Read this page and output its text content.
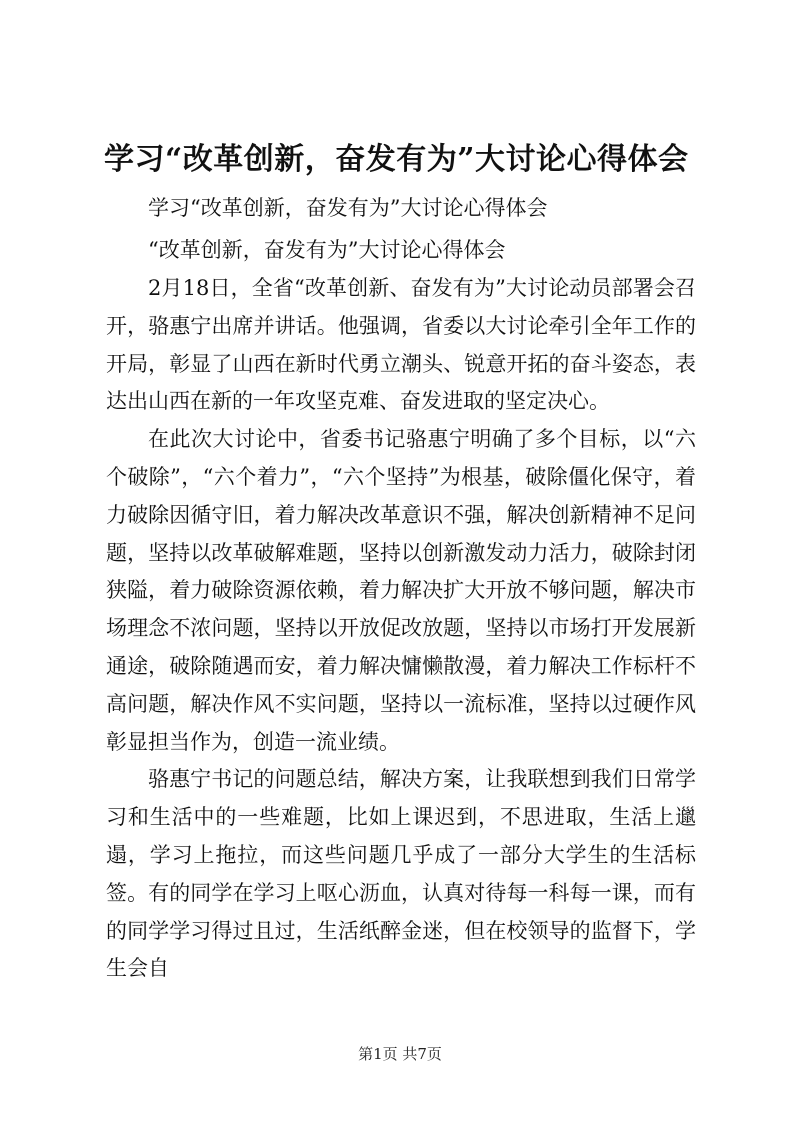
学习“改革创新，奋发有为”大讨论心得体会
学习“改革创新，奋发有为”大讨论心得体会
“改革创新，奋发有为”大讨论心得体会

2月18日，全省“改革创新、奋发有为”大讨论动员部署会召开，骆惠宁出席并讲话。他强调，省委以大讨论牵引全年工作的开局，彰显了山西在新时代勇立潮头、锐意开拓的奋斗姿态，表达出山西在新的一年攻坚克难、奋发进取的坚定决心。

在此次大讨论中，省委书记骆惠宁明确了多个目标，以“六个破除”，“六个着力”，“六个坚持”为根基，破除僵化保守，着力破除因循守旧，着力解决改革意识不强，解决创新精神不足问题，坚持以改革破解难题，坚持以创新激发动力活力，破除封闭狭隘，着力破除资源依赖，着力解决扩大开放不够问题，解决市场理念不浓问题，坚持以开放促改放题，坚持以市场打开发展新通途，破除随遇而安，着力解决慵懒散漫，着力解决工作标杆不高问题，解决作风不实问题，坚持以一流标准，坚持以过硬作风彰显担当作为，创造一流业绩。

骆惠宁书记的问题总结，解决方案，让我联想到我们日常学习和生活中的一些难题，比如上课迟到，不思进取，生活上邋遢，学习上拖拉，而这些问题几乎成了一部分大学生的生活标签。有的同学在学习上呕心沥血，认真对待每一科每一课，而有的同学学习得过且过，生活纸醉金迷，但在校领导的监督下，学生会自

第1页 共7页
